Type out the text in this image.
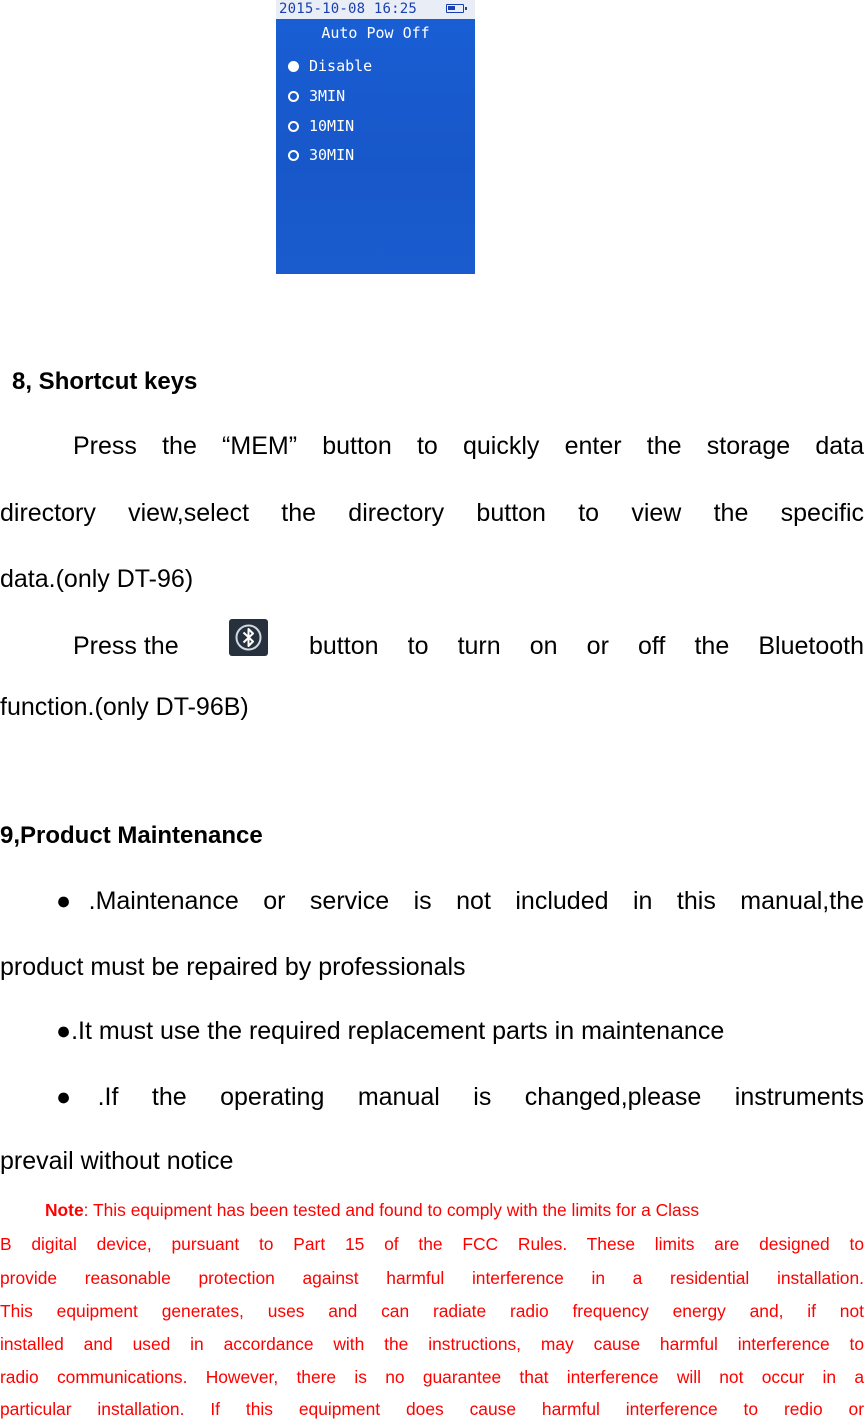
2015-10-08 16:25
Auto Pow Off
Disable
3MIN
10MIN
30MIN
8, Shortcut keys
Press the “MEM” button to quickly enter the storage data
directory view,select the directory button to view the specific
data.(only DT-96)
Press the	button to turn on or off the Bluetooth
function.(only DT-96B)
9,Product Maintenance
●.Maintenance or service is not included in this manual,the
product must be repaired by professionals
●.It must use the required replacement parts in maintenance
●.If the operating manual is changed,please instruments
prevail without notice
Note: This equipment has been tested and found to comply with the limits for a Class
B digital device, pursuant to Part 15 of the FCC Rules. These limits are designed to
provide reasonable protection against harmful interference in a residential installation.
This equipment generates, uses and can radiate radio frequency energy and, if not
installed and used in accordance with the instructions, may cause harmful interference to
radio communications. However, there is no guarantee that interference will not occur in a
particular installation. If this equipment does cause harmful interference to redio or
